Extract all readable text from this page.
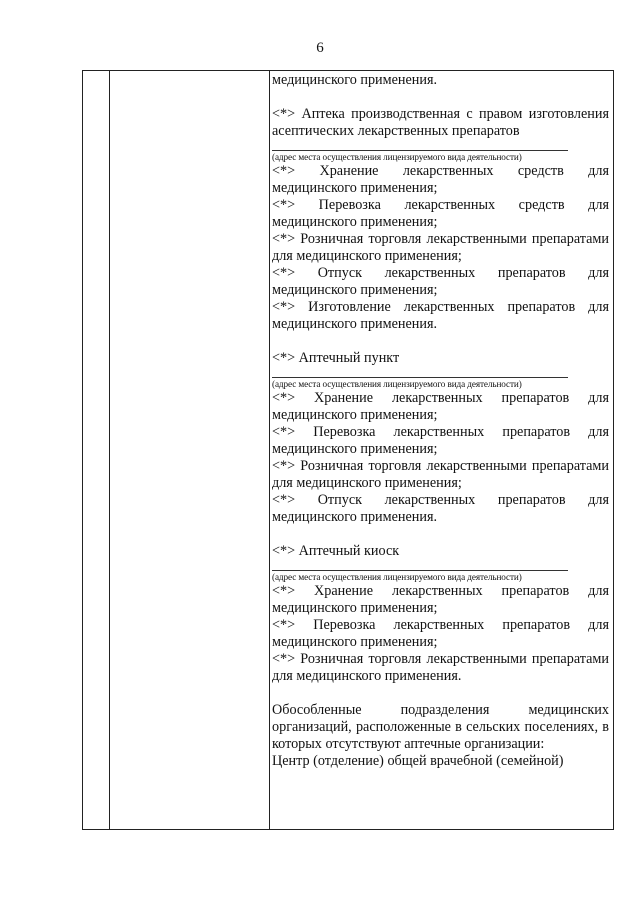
6
медицинского применения.
<*> Аптека производственная с правом изготовления асептических лекарственных препаратов
(адрес места осуществления лицензируемого вида деятельности)
<*> Хранение лекарственных средств для медицинского применения;
<*> Перевозка лекарственных средств для медицинского применения;
<*> Розничная торговля лекарственными препаратами для медицинского применения;
<*> Отпуск лекарственных препаратов для медицинского применения;
<*> Изготовление лекарственных препаратов для медицинского применения.
<*> Аптечный пункт
(адрес места осуществления лицензируемого вида деятельности)
<*> Хранение лекарственных препаратов для медицинского применения;
<*> Перевозка лекарственных препаратов для медицинского применения;
<*> Розничная торговля лекарственными препаратами для медицинского применения;
<*> Отпуск лекарственных препаратов для медицинского применения.
<*> Аптечный киоск
(адрес места осуществления лицензируемого вида деятельности)
<*> Хранение лекарственных препаратов для медицинского применения;
<*> Перевозка лекарственных препаратов для медицинского применения;
<*> Розничная торговля лекарственными препаратами для медицинского применения.
Обособленные подразделения медицинских организаций, расположенные в сельских поселениях, в которых отсутствуют аптечные организации:
Центр (отделение) общей врачебной (семейной)
